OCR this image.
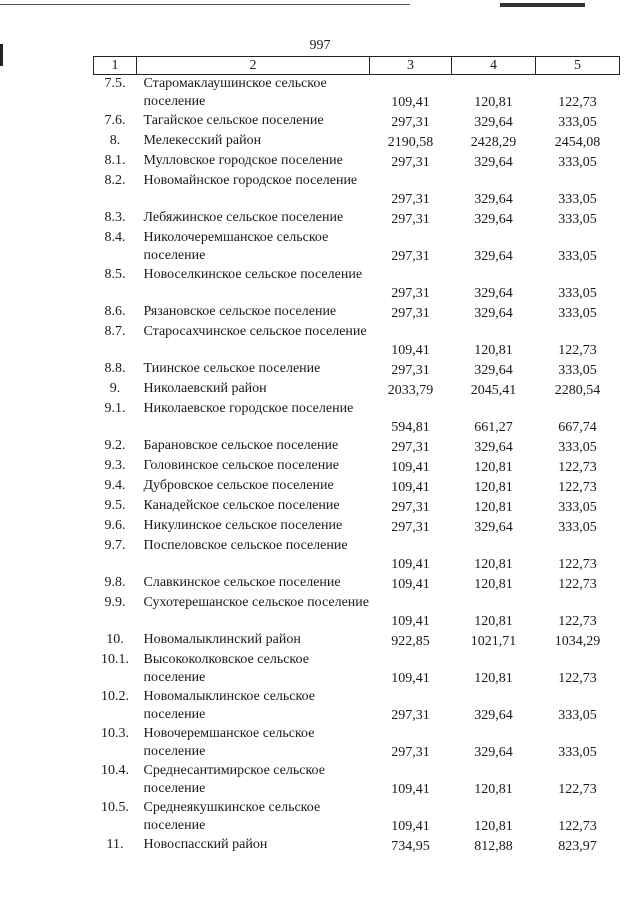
997
1	2	3	4	5
7.5.	Старомаклаушинское сельское поселение	109,41	120,81	122,73
7.6.	Тагайское сельское поселение	297,31	329,64	333,05
8.	Мелекесский район	2190,58	2428,29	2454,08
8.1.	Мулловское городское поселение	297,31	329,64	333,05
8.2.	Новомайнское городское поселение	297,31	329,64	333,05
8.3.	Лебяжинское сельское поселение	297,31	329,64	333,05
8.4.	Николочеремшанское сельское поселение	297,31	329,64	333,05
8.5.	Новоселкинское сельское поселение	297,31	329,64	333,05
8.6.	Рязановское сельское поселение	297,31	329,64	333,05
8.7.	Старосахчинское сельское поселение	109,41	120,81	122,73
8.8.	Тиинское сельское поселение	297,31	329,64	333,05
9.	Николаевский район	2033,79	2045,41	2280,54
9.1.	Николаевское городское поселение	594,81	661,27	667,74
9.2.	Барановское сельское поселение	297,31	329,64	333,05
9.3.	Головинское сельское поселение	109,41	120,81	122,73
9.4.	Дубровское сельское поселение	109,41	120,81	122,73
9.5.	Канадейское сельское поселение	297,31	120,81	333,05
9.6.	Никулинское сельское поселение	297,31	329,64	333,05
9.7.	Поспеловское сельское поселение	109,41	120,81	122,73
9.8.	Славкинское сельское поселение	109,41	120,81	122,73
9.9.	Сухотерешанское сельское поселение	109,41	120,81	122,73
10.	Новомалыклинский район	922,85	1021,71	1034,29
10.1.	Высококолковское сельское поселение	109,41	120,81	122,73
10.2.	Новомалыклинское сельское поселение	297,31	329,64	333,05
10.3.	Новочеремшанское сельское поселение	297,31	329,64	333,05
10.4.	Среднесантимирское сельское поселение	109,41	120,81	122,73
10.5.	Среднеякушкинское сельское поселение	109,41	120,81	122,73
11.	Новоспасский район	734,95	812,88	823,97
